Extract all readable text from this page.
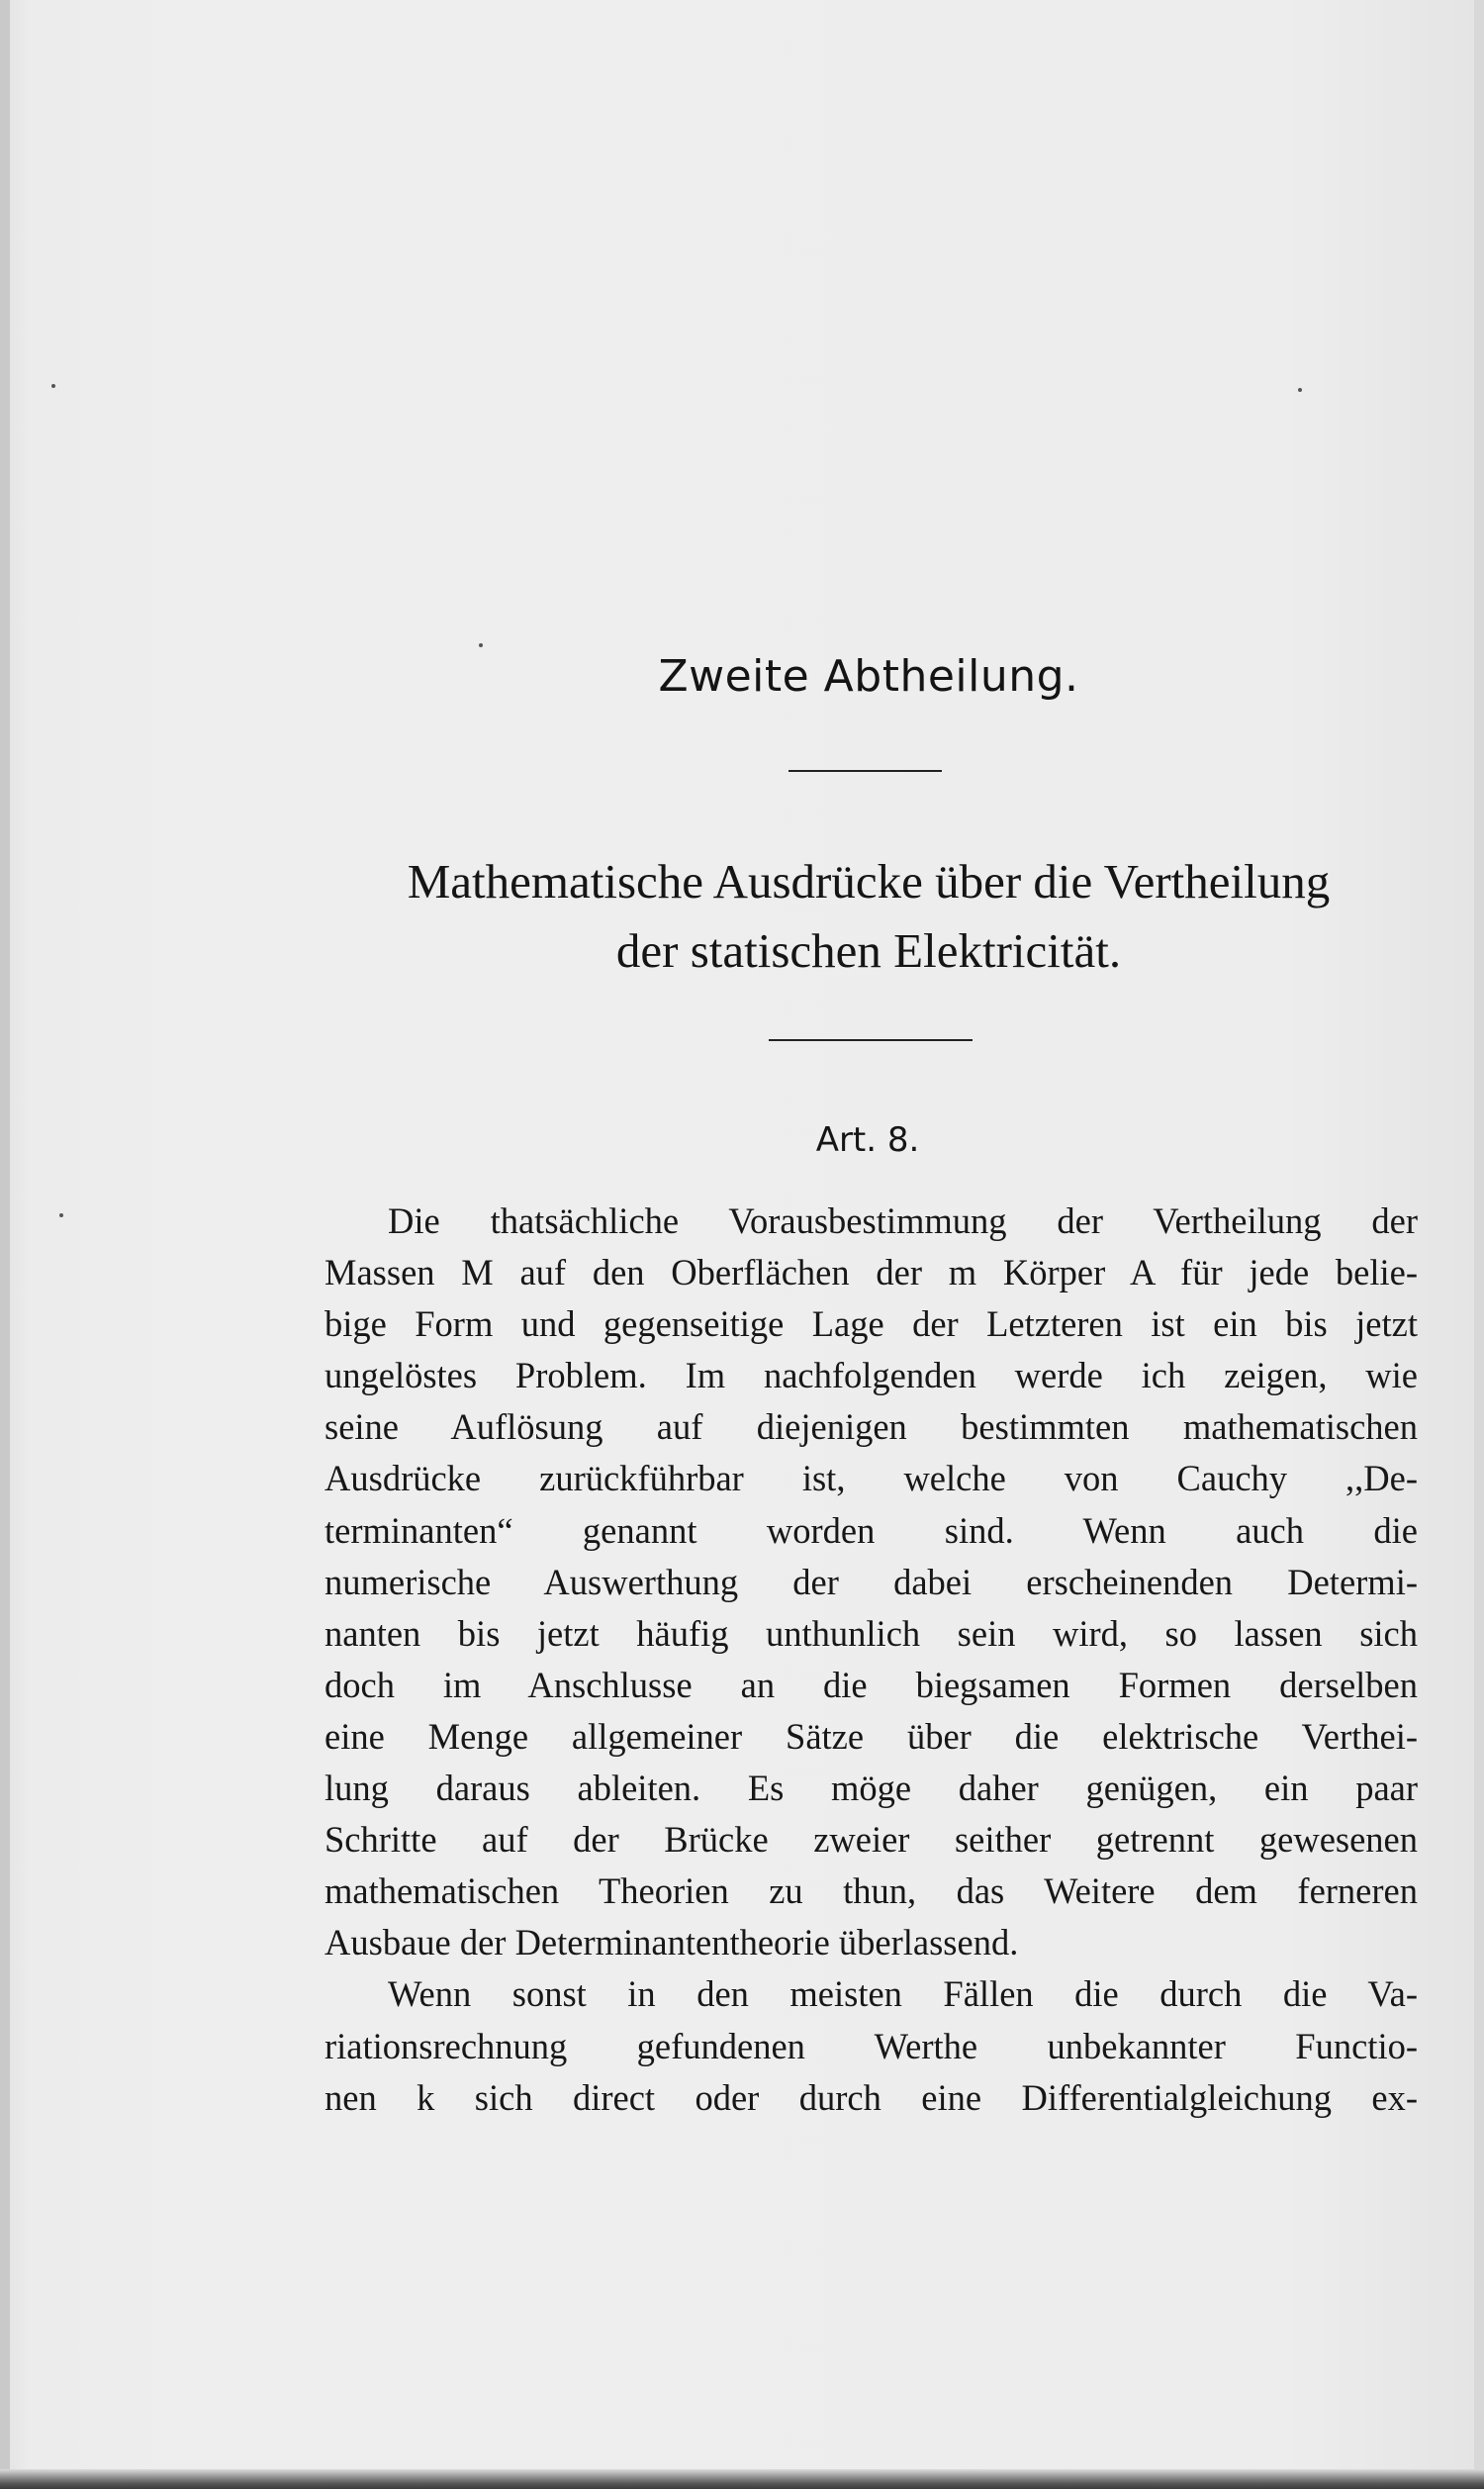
Zweite Abtheilung.
Mathematische Ausdrücke über die Vertheilung
der statischen Elektricität.
Art. 8.
Die thatsächliche Vorausbestimmung der Vertheilung der
Massen M auf den Oberflächen der m Körper A für jede belie-
bige Form und gegenseitige Lage der Letzteren ist ein bis jetzt
ungelöstes Problem. Im nachfolgenden werde ich zeigen, wie
seine Auflösung auf diejenigen bestimmten mathematischen
Ausdrücke zurückführbar ist, welche von Cauchy ,,De-
terminanten“ genannt worden sind. Wenn auch die
numerische Auswerthung der dabei erscheinenden Determi-
nanten bis jetzt häufig unthunlich sein wird, so lassen sich
doch im Anschlusse an die biegsamen Formen derselben
eine Menge allgemeiner Sätze über die elektrische Verthei-
lung daraus ableiten. Es möge daher genügen, ein paar
Schritte auf der Brücke zweier seither getrennt gewesenen
mathematischen Theorien zu thun, das Weitere dem ferneren
Ausbaue der Determinantentheorie überlassend.
Wenn sonst in den meisten Fällen die durch die Va-
riationsrechnung gefundenen Werthe unbekannter Functio-
nen k sich direct oder durch eine Differentialgleichung ex-
